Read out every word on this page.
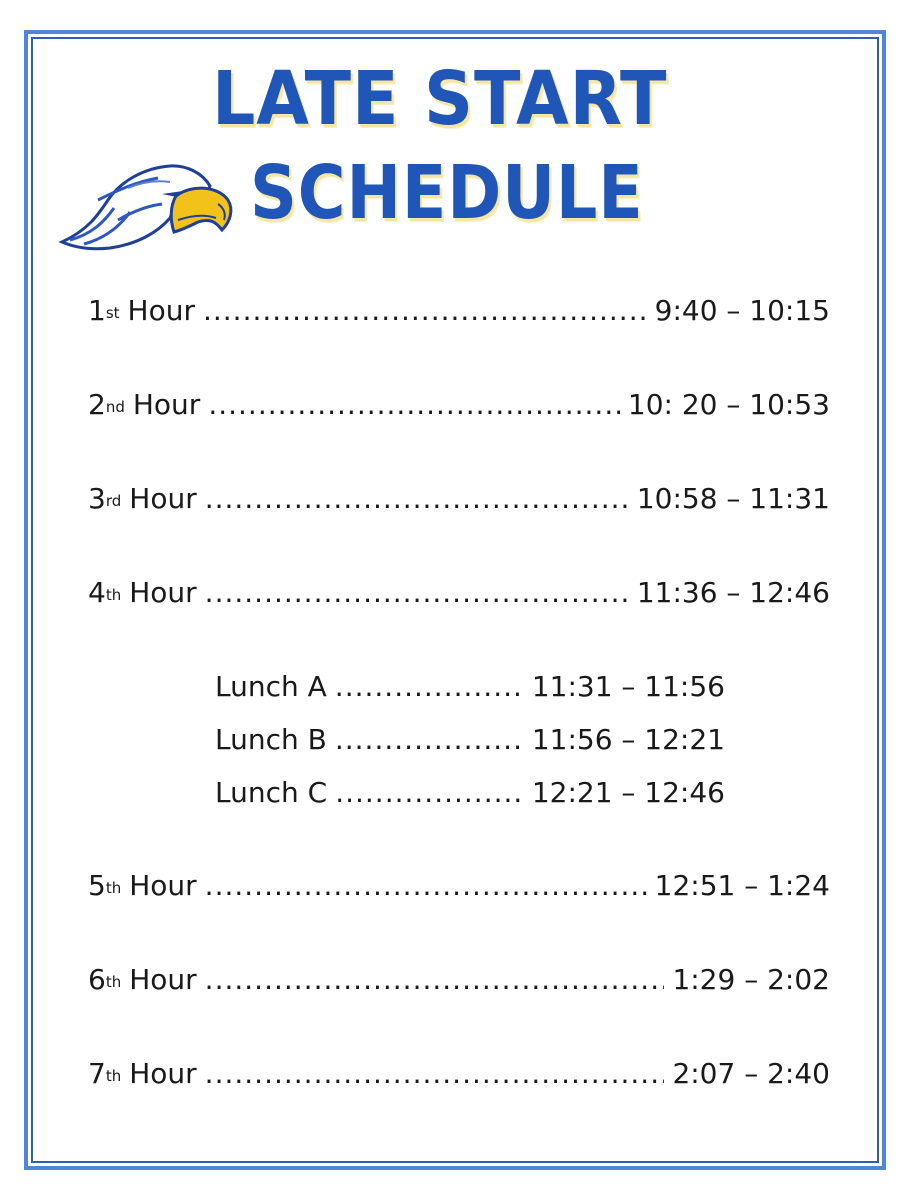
LATE START
SCHEDULE
1st Hour .....	9:40 – 10:15
2nd Hour .....	10: 20 – 10:53
3rd Hour .....	10:58 – 11:31
4th Hour .....	11:36 – 12:46
Lunch A .....	11:31 – 11:56
Lunch B .....	11:56 – 12:21
Lunch C .....	12:21 – 12:46
5th Hour .....	12:51 – 1:24
6th Hour .....	1:29 – 2:02
7th Hour .....	2:07 – 2:40
